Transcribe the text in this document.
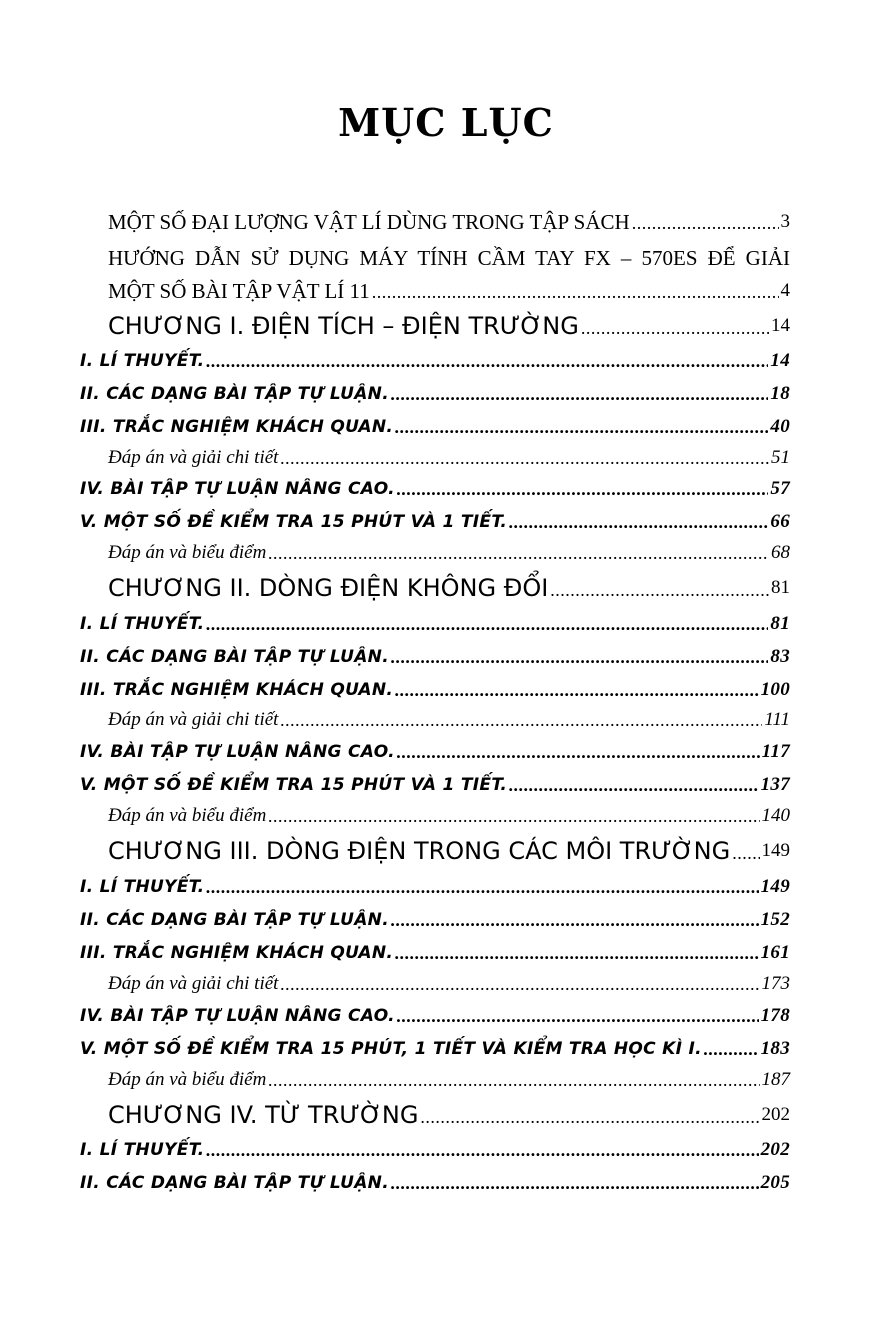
MỤC LỤC
MỘT SỐ ĐẠI LƯỢNG VẬT LÍ DÙNG TRONG TẬP SÁCH .....	3
HƯỚNG DẪN SỬ DỤNG MÁY TÍNH CẦM TAY FX – 570ES ĐỂ GIẢI
MỘT SỐ BÀI TẬP VẬT LÍ 11 .....	4
CHƯƠNG I. ĐIỆN TÍCH – ĐIỆN TRƯỜNG .....	14
I. LÍ THUYẾT. .....	14
II. CÁC DẠNG BÀI TẬP TỰ LUẬN. .....	18
III. TRẮC NGHIỆM KHÁCH QUAN. .....	40
Đáp án và giải chi tiết .....	51
IV. BÀI TẬP TỰ LUẬN NÂNG CAO. .....	57
V. MỘT SỐ ĐỀ KIỂM TRA 15 PHÚT VÀ 1 TIẾT. .....	66
Đáp án và biểu điểm .....	68
CHƯƠNG II. DÒNG ĐIỆN KHÔNG ĐỔI .....	81
I. LÍ THUYẾT. .....	81
II. CÁC DẠNG BÀI TẬP TỰ LUẬN. .....	83
III. TRẮC NGHIỆM KHÁCH QUAN. .....	100
Đáp án và giải chi tiết .....	111
IV. BÀI TẬP TỰ LUẬN NÂNG CAO. .....	117
V. MỘT SỐ ĐỀ KIỂM TRA 15 PHÚT VÀ 1 TIẾT. .....	137
Đáp án và biểu điểm .....	140
CHƯƠNG III. DÒNG ĐIỆN TRONG CÁC MÔI TRƯỜNG ..... 149
I. LÍ THUYẾT. .....	149
II. CÁC DẠNG BÀI TẬP TỰ LUẬN. .....	152
III. TRẮC NGHIỆM KHÁCH QUAN. .....	161
Đáp án và giải chi tiết .....	173
IV. BÀI TẬP TỰ LUẬN NÂNG CAO. .....	178
V. MỘT SỐ ĐỀ KIỂM TRA 15 PHÚT, 1 TIẾT VÀ KIỂM TRA HỌC KÌ I. .....	183
Đáp án và biểu điểm .....	187
CHƯƠNG IV. TỪ TRƯỜNG .....	202
I. LÍ THUYẾT. .....	202
II. CÁC DẠNG BÀI TẬP TỰ LUẬN. .....	205
